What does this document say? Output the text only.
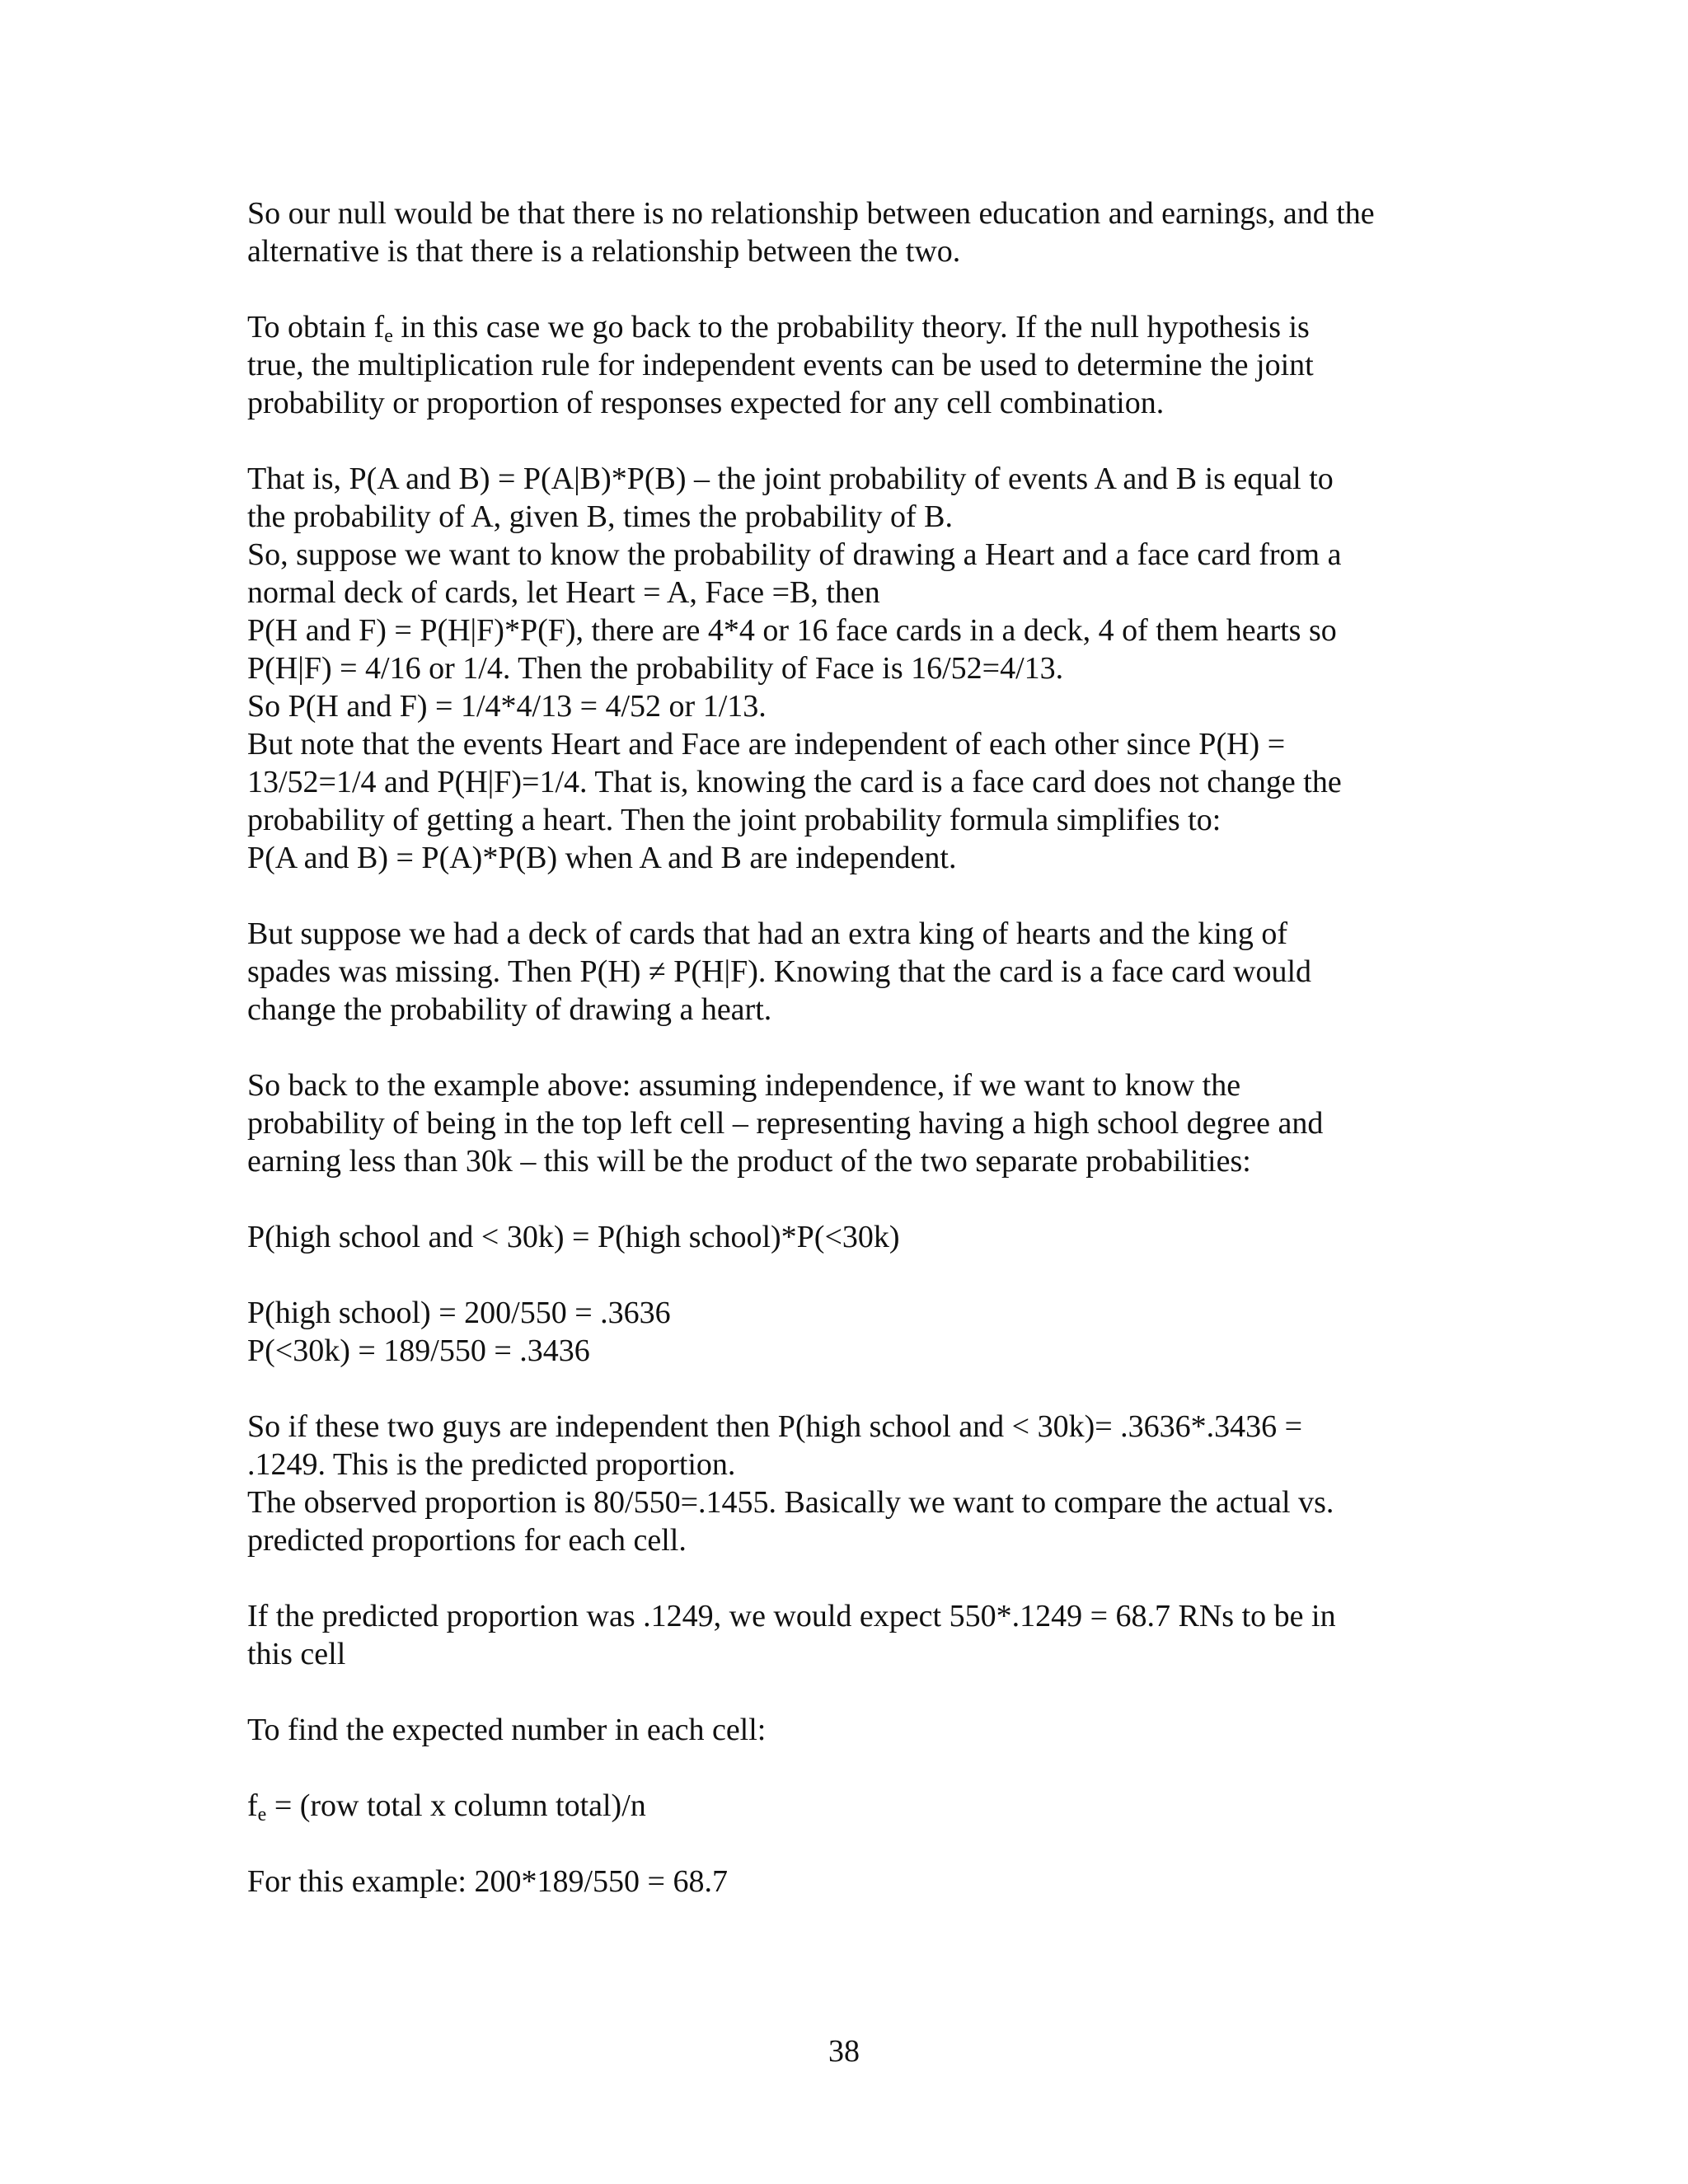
So our null would be that there is no relationship between education and earnings, and the
alternative is that there is a relationship between the two.
To obtain $f_e$ in this case we go back to the probability theory. If the null hypothesis is
true, the multiplication rule for independent events can be used to determine the joint
probability or proportion of responses expected for any cell combination.
That is, P(A and B) = P(A|B)*P(B) – the joint probability of events A and B is equal to
the probability of A, given B, times the probability of B.
So, suppose we want to know the probability of drawing a Heart and a face card from a
normal deck of cards, let Heart = A, Face =B, then
P(H and F) = P(H|F)*P(F), there are 4*4 or 16 face cards in a deck, 4 of them hearts so
P(H|F) = 4/16 or 1/4. Then the probability of Face is 16/52=4/13.
So P(H and F) = 1/4*4/13 = 4/52 or 1/13.
But note that the events Heart and Face are independent of each other since P(H) =
13/52=1/4 and P(H|F)=1/4. That is, knowing the card is a face card does not change the
probability of getting a heart. Then the joint probability formula simplifies to:
P(A and B) = P(A)*P(B) when A and B are independent.
But suppose we had a deck of cards that had an extra king of hearts and the king of
spades was missing. Then P(H) ≠ P(H|F). Knowing that the card is a face card would
change the probability of drawing a heart.
So back to the example above: assuming independence, if we want to know the
probability of being in the top left cell – representing having a high school degree and
earning less than 30k – this will be the product of the two separate probabilities:
P(high school and < 30k) = P(high school)*P(<30k)
P(high school) = 200/550 = .3636
P(<30k) = 189/550 = .3436
So if these two guys are independent then P(high school and < 30k)= .3636*.3436 =
.1249. This is the predicted proportion.
The observed proportion is 80/550=.1455. Basically we want to compare the actual vs.
predicted proportions for each cell.
If the predicted proportion was .1249, we would expect 550*.1249 = 68.7 RNs to be in
this cell
To find the expected number in each cell:
$f_e = (row$ total x column total)/n
For this example: 200*189/550 = 68.7
38
